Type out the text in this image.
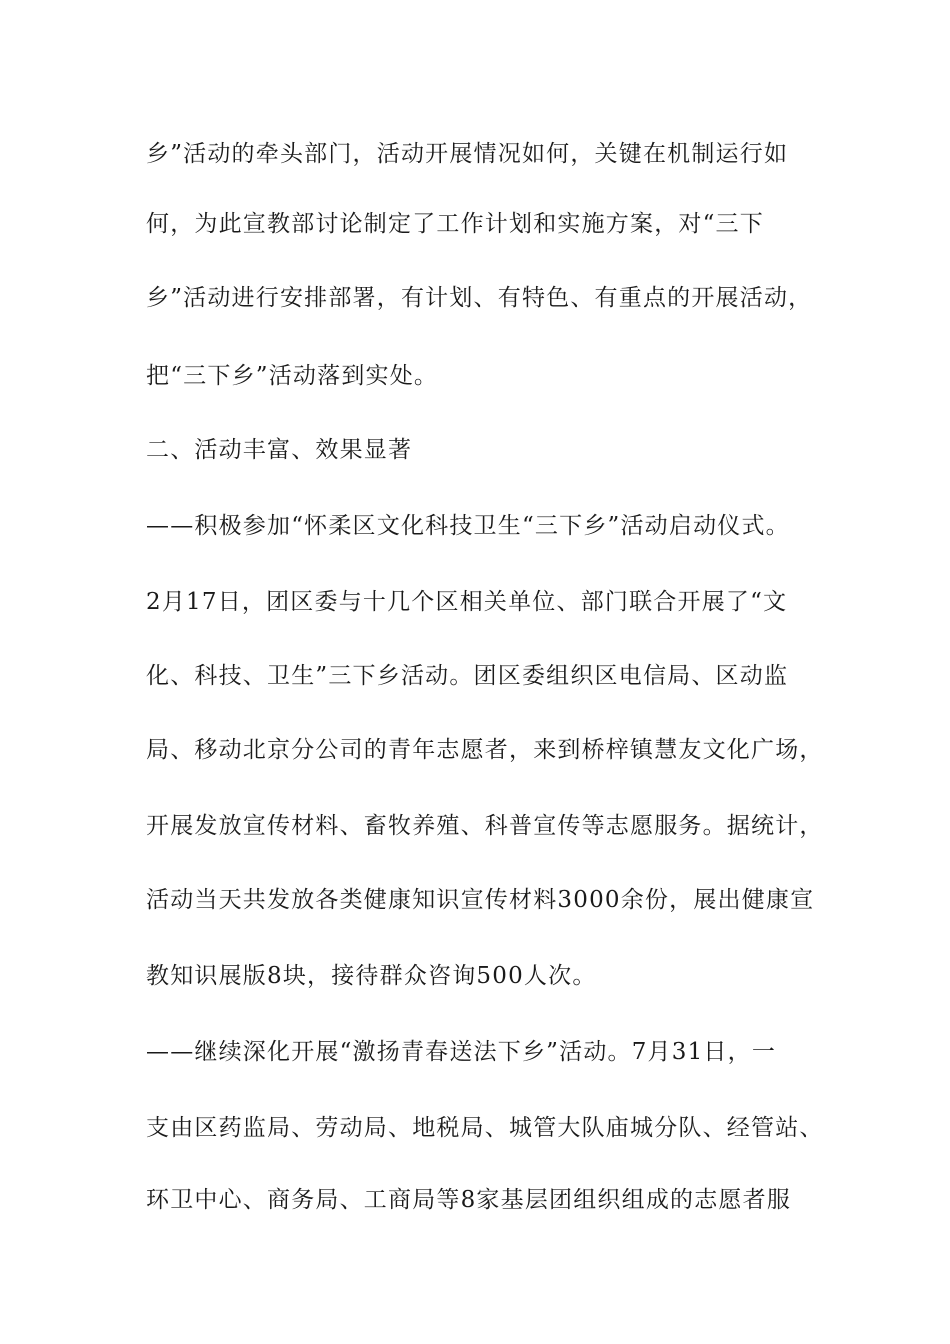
乡”活动的牵头部门，活动开展情况如何，关键在机制运行如
何，为此宣教部讨论制定了工作计划和实施方案，对“三下
乡”活动进行安排部署，有计划、有特色、有重点的开展活动，
把“三下乡”活动落到实处。
二、活动丰富、效果显著
——积极参加“怀柔区文化科技卫生“三下乡”活动启动仪式。
2月17日，团区委与十几个区相关单位、部门联合开展了“文
化、科技、卫生”三下乡活动。团区委组织区电信局、区动监
局、移动北京分公司的青年志愿者，来到桥梓镇慧友文化广场，
开展发放宣传材料、畜牧养殖、科普宣传等志愿服务。据统计，
活动当天共发放各类健康知识宣传材料3000余份，展出健康宣
教知识展版8块，接待群众咨询500人次。
——继续深化开展“激扬青春送法下乡”活动。7月31日，一
支由区药监局、劳动局、地税局、城管大队庙城分队、经管站、
环卫中心、商务局、工商局等8家基层团组织组成的志愿者服
